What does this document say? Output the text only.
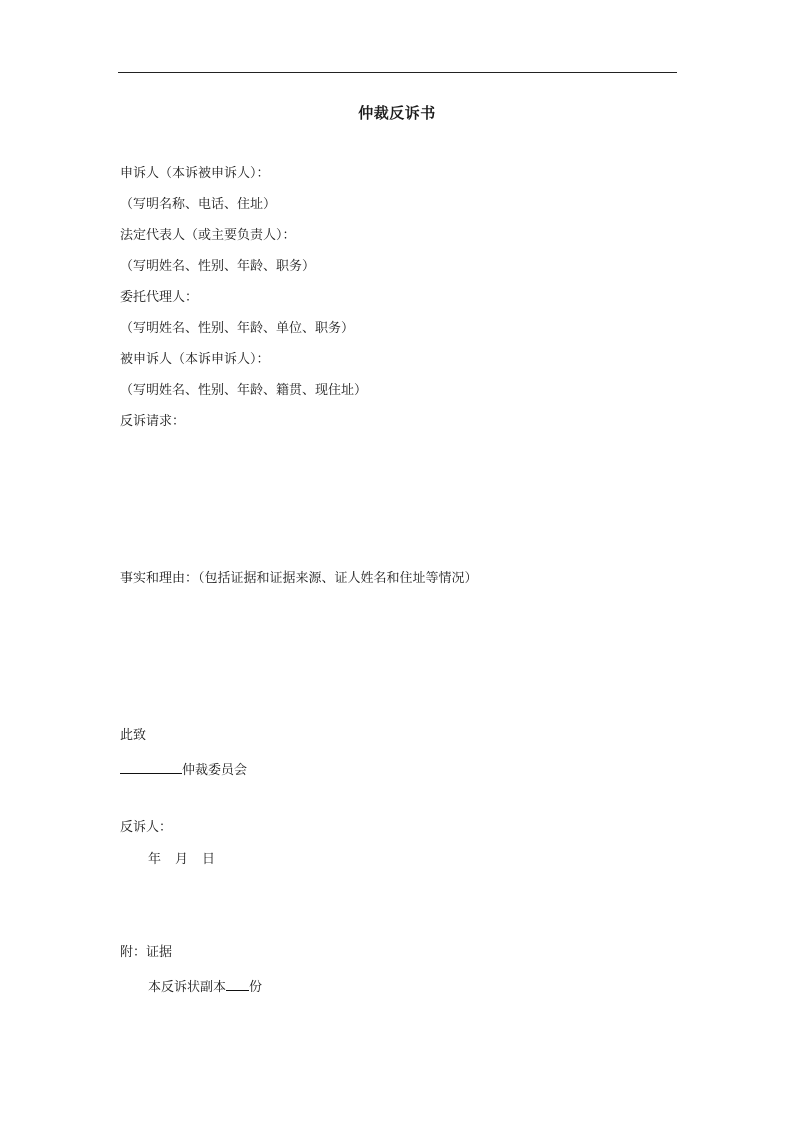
仲裁反诉书
申诉人（本诉被申诉人）：
（写明名称、电话、住址）
法定代表人（或主要负责人）：
（写明姓名、性别、年龄、职务）
委托代理人：
（写明姓名、性别、年龄、单位、职务）
被申诉人（本诉申诉人）：
（写明姓名、性别、年龄、籍贯、现住址）
反诉请求：
事实和理由：（包括证据和证据来源、证人姓名和住址等情况）
此致
仲裁委员会
反诉人：
年 月 日
附：证据
本反诉状副本 份
